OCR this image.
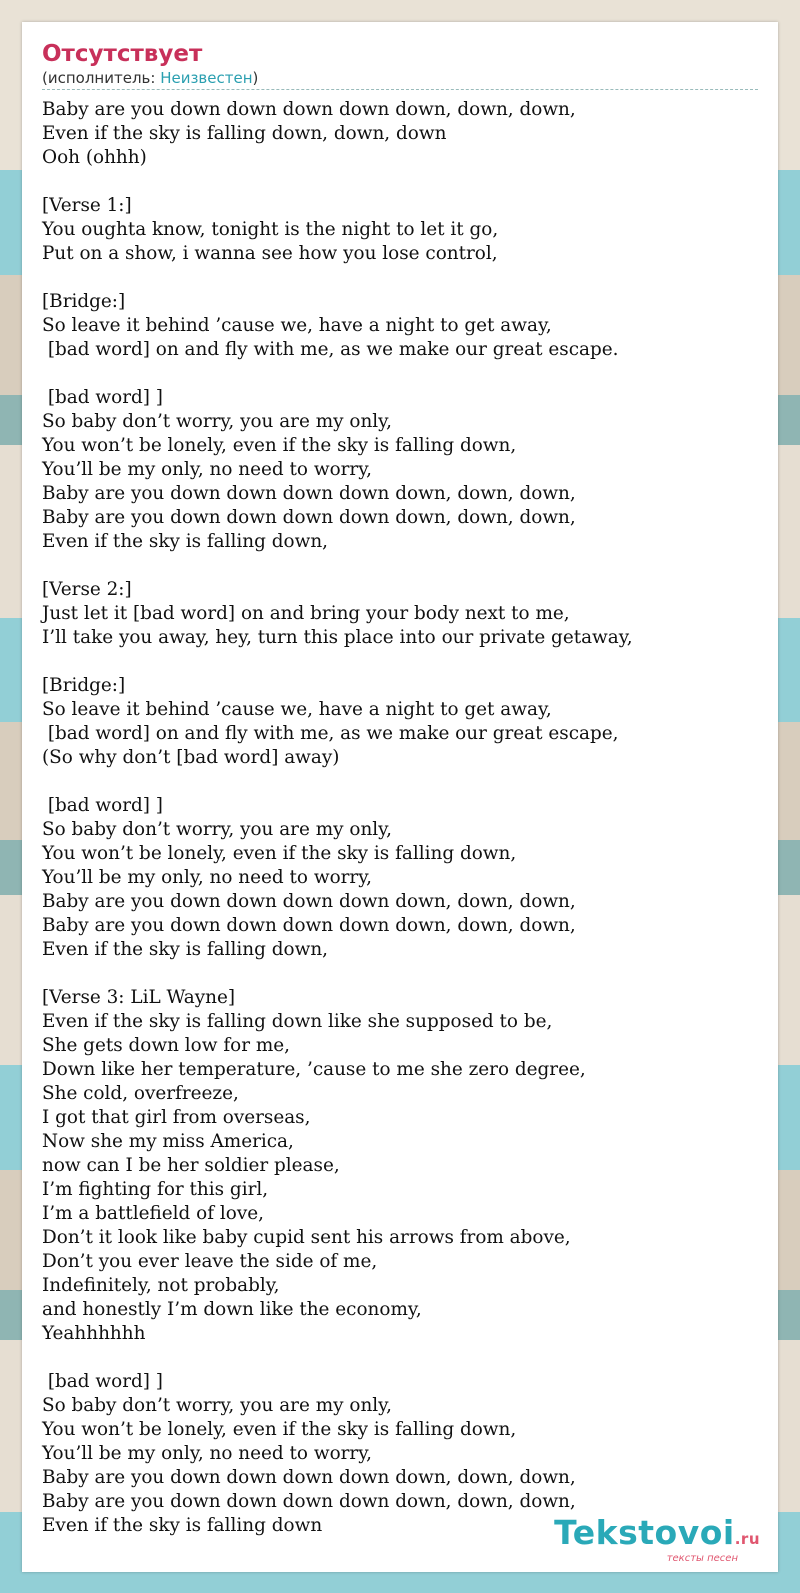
Отсутствует
(исполнитель: Неизвестен)
Baby are you down down down down down, down, down,
Even if the sky is falling down, down, down
Ooh (ohhh)
[Verse 1:]
You oughta know, tonight is the night to let it go,
Put on a show, i wanna see how you lose control,
[Bridge:]
So leave it behind ’cause we, have a night to get away,
[bad word] on and fly with me, as we make our great escape.
[bad word] ]
So baby don’t worry, you are my only,
You won’t be lonely, even if the sky is falling down,
You’ll be my only, no need to worry,
Baby are you down down down down down, down, down,
Baby are you down down down down down, down, down,
Even if the sky is falling down,
[Verse 2:]
Just let it [bad word] on and bring your body next to me,
I’ll take you away, hey, turn this place into our private getaway,
[Bridge:]
So leave it behind ’cause we, have a night to get away,
[bad word] on and fly with me, as we make our great escape,
(So why don’t [bad word] away)
[bad word] ]
So baby don’t worry, you are my only,
You won’t be lonely, even if the sky is falling down,
You’ll be my only, no need to worry,
Baby are you down down down down down, down, down,
Baby are you down down down down down, down, down,
Even if the sky is falling down,
[Verse 3: LiL Wayne]
Even if the sky is falling down like she supposed to be,
She gets down low for me,
Down like her temperature, ’cause to me she zero degree,
She cold, overfreeze,
I got that girl from overseas,
Now she my miss America,
now can I be her soldier please,
I’m fighting for this girl,
I’m a battlefield of love,
Don’t it look like baby cupid sent his arrows from above,
Don’t you ever leave the side of me,
Indefinitely, not probably,
and honestly I’m down like the economy,
Yeahhhhhh
[bad word] ]
So baby don’t worry, you are my only,
You won’t be lonely, even if the sky is falling down,
You’ll be my only, no need to worry,
Baby are you down down down down down, down, down,
Baby are you down down down down down, down, down,
Even if the sky is falling down	Tekstovoi.ru
тексты песен
